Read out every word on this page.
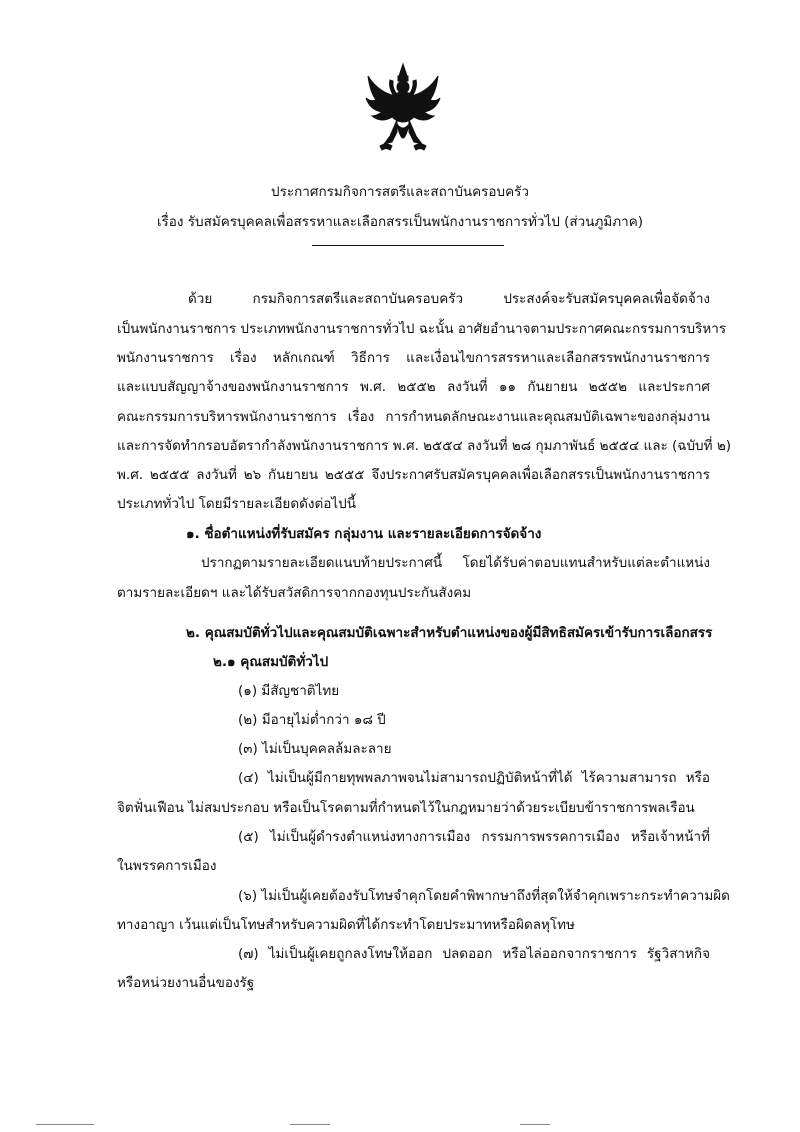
ประกาศกรมกิจการสตรีและสถาบันครอบครัว
เรื่อง รับสมัครบุคคลเพื่อสรรหาและเลือกสรรเป็นพนักงานราชการทั่วไป (ส่วนภูมิภาค)
ด้วย กรมกิจการสตรีและสถาบันครอบครัว ประสงค์จะรับสมัครบุคคลเพื่อจัดจ้าง
เป็นพนักงานราชการ ประเภทพนักงานราชการทั่วไป ฉะนั้น อาศัยอำนาจตามประกาศคณะกรรมการบริหาร
พนักงานราชการ เรื่อง หลักเกณฑ์ วิธีการ และเงื่อนไขการสรรหาและเลือกสรรพนักงานราชการ
และแบบสัญญาจ้างของพนักงานราชการ พ.ศ. ๒๕๕๒ ลงวันที่ ๑๑ กันยายน ๒๕๕๒ และประกาศ
คณะกรรมการบริหารพนักงานราชการ เรื่อง การกำหนดลักษณะงานและคุณสมบัติเฉพาะของกลุ่มงาน
และการจัดทำกรอบอัตรากำลังพนักงานราชการ พ.ศ. ๒๕๕๔ ลงวันที่ ๒๘ กุมภาพันธ์ ๒๕๕๔ และ (ฉบับที่ ๒)
พ.ศ. ๒๕๕๕ ลงวันที่ ๒๖ กันยายน ๒๕๕๕ จึงประกาศรับสมัครบุคคลเพื่อเลือกสรรเป็นพนักงานราชการ
ประเภททั่วไป โดยมีรายละเอียดดังต่อไปนี้
๑. ชื่อตำแหน่งที่รับสมัคร กลุ่มงาน และรายละเอียดการจัดจ้าง
ปรากฏตามรายละเอียดแนบท้ายประกาศนี้ โดยได้รับค่าตอบแทนสำหรับแต่ละตำแหน่ง
ตามรายละเอียดฯ และได้รับสวัสดิการจากกองทุนประกันสังคม
๒. คุณสมบัติทั่วไปและคุณสมบัติเฉพาะสำหรับตำแหน่งของผู้มีสิทธิสมัครเข้ารับการเลือกสรร
๒.๑ คุณสมบัติทั่วไป
(๑) มีสัญชาติไทย
(๒) มีอายุไม่ต่ำกว่า ๑๘ ปี
(๓) ไม่เป็นบุคคลล้มละลาย
(๔) ไม่เป็นผู้มีกายทุพพลภาพจนไม่สามารถปฏิบัติหน้าที่ได้ ไร้ความสามารถ หรือ
จิตฟั่นเฟือน ไม่สมประกอบ หรือเป็นโรคตามที่กำหนดไว้ในกฎหมายว่าด้วยระเบียบข้าราชการพลเรือน
(๕) ไม่เป็นผู้ดำรงตำแหน่งทางการเมือง กรรมการพรรคการเมือง หรือเจ้าหน้าที่
ในพรรคการเมือง
(๖) ไม่เป็นผู้เคยต้องรับโทษจำคุกโดยคำพิพากษาถึงที่สุดให้จำคุกเพราะกระทำความผิด
ทางอาญา เว้นแต่เป็นโทษสำหรับความผิดที่ได้กระทำโดยประมาทหรือผิดลหุโทษ
(๗) ไม่เป็นผู้เคยถูกลงโทษให้ออก ปลดออก หรือไล่ออกจากราชการ รัฐวิสาหกิจ
หรือหน่วยงานอื่นของรัฐ
